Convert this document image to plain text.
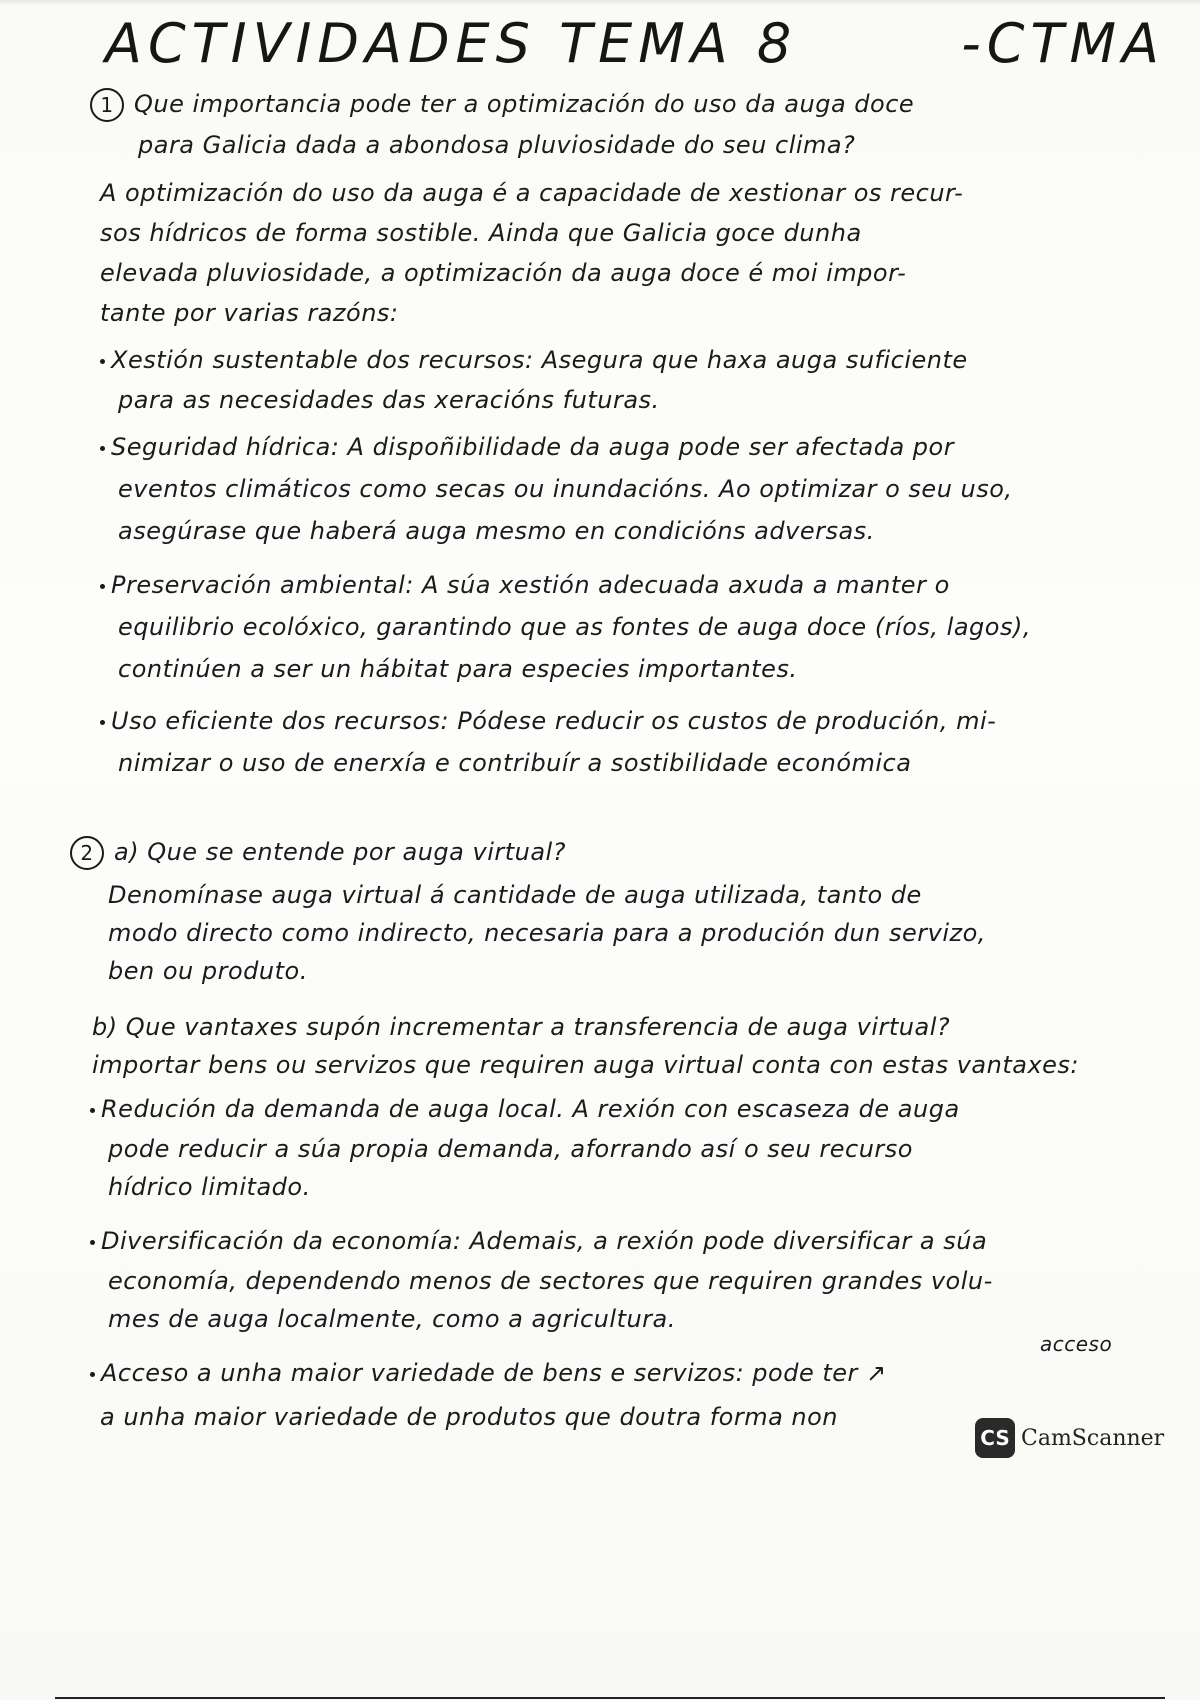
ACTIVIDADES TEMA 8	-CTMA
1 Que importancia pode ter a optimización do uso da auga doce
para Galicia dada a abondosa pluviosidade do seu clima?
A optimización do uso da auga é a capacidade de xestionar os recur-
sos hídricos de forma sostible. Ainda que Galicia goce dunha
elevada pluviosidade, a optimización da auga doce é moi impor-
tante por varias razóns:
Xestión sustentable dos recursos: Asegura que haxa auga suficiente
para as necesidades das xeracións futuras.
Seguridad hídrica: A dispoñibilidade da auga pode ser afectada por
eventos climáticos como secas ou inundacións. Ao optimizar o seu uso,
asegúrase que haberá auga mesmo en condicións adversas.
Preservación ambiental: A súa xestión adecuada axuda a manter o
equilibrio ecolóxico, garantindo que as fontes de auga doce (ríos, lagos),
continúen a ser un hábitat para especies importantes.
Uso eficiente dos recursos: Pódese reducir os custos de produción, mi-
nimizar o uso de enerxía e contribuír a sostibilidade económica
2 a) Que se entende por auga virtual?
Denomínase auga virtual á cantidade de auga utilizada, tanto de
modo directo como indirecto, necesaria para a produción dun servizo,
ben ou produto.
b) Que vantaxes supón incrementar a transferencia de auga virtual?
importar bens ou servizos que requiren auga virtual conta con estas vantaxes:
Redución da demanda de auga local. A rexión con escaseza de auga
pode reducir a súa propia demanda, aforrando así o seu recurso
hídrico limitado.
Diversificación da economía: Ademais, a rexión pode diversificar a súa
economía, dependendo menos de sectores que requiren grandes volu-
mes de auga localmente, como a agricultura.
acceso
Acceso a unha maior variedade de bens e servizos: pode ter ↗
a unha maior variedade de produtos que doutra forma non
CS CamScanner
